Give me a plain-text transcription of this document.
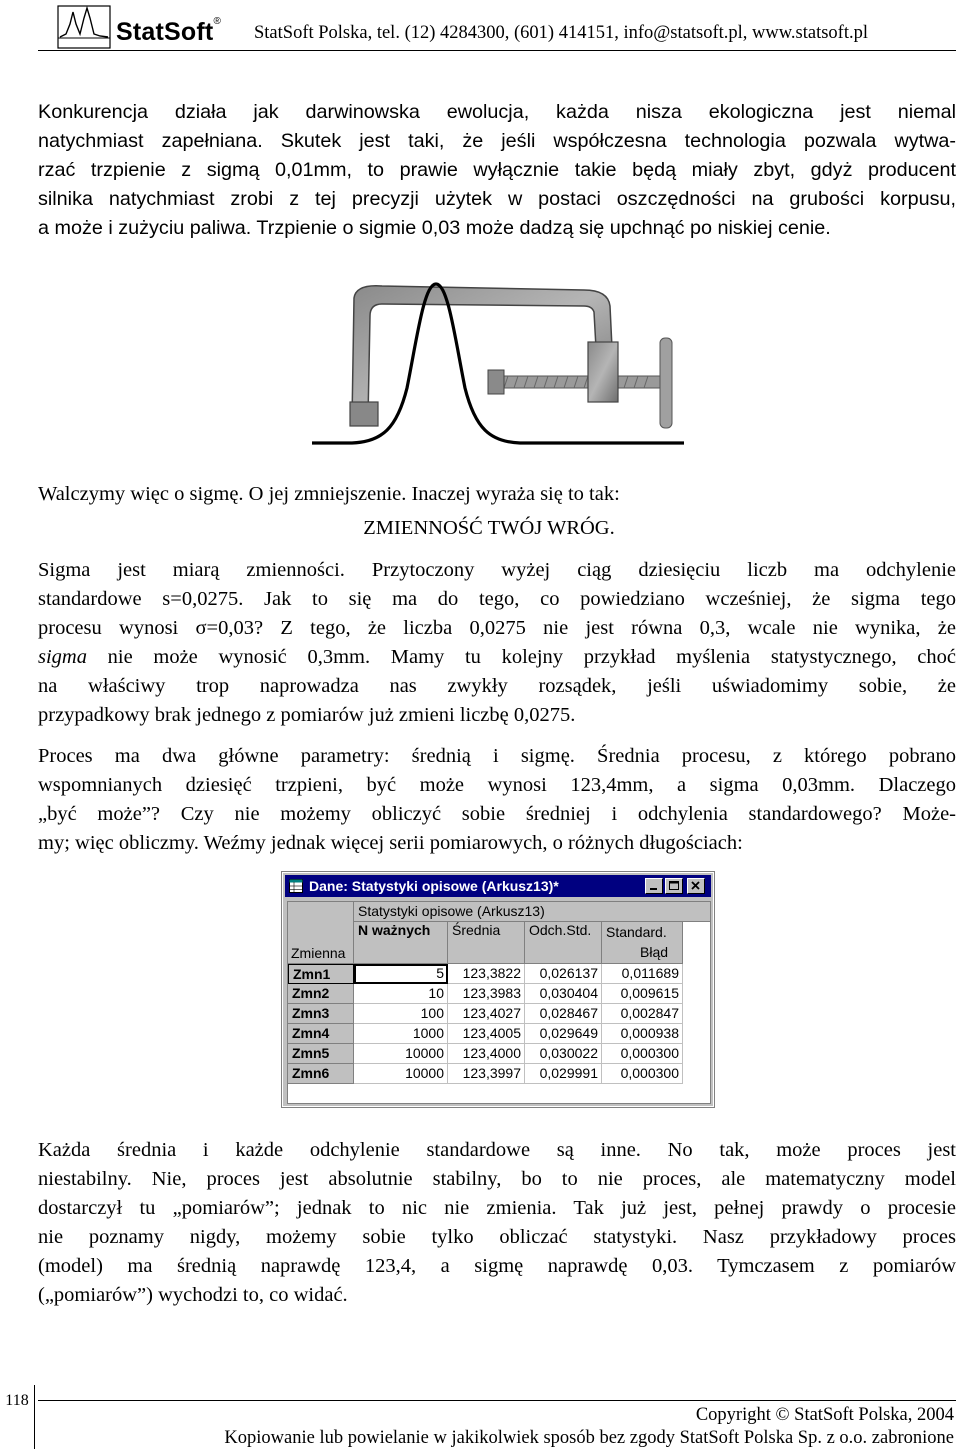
StatSoft®
StatSoft Polska, tel. (12) 4284300, (601) 414151, info@statsoft.pl, www.statsoft.pl
Konkurencja działa jak darwinowska ewolucja, każda nisza ekologiczna jest niemal
natychmiast zapełniana. Skutek jest taki, że jeśli współczesna technologia pozwala wytwa-
rzać trzpienie z sigmą 0,01mm, to prawie wyłącznie takie będą miały zbyt, gdyż producent
silnika natychmiast zrobi z tej precyzji użytek w postaci oszczędności na grubości korpusu,
a może i zużyciu paliwa. Trzpienie o sigmie 0,03 może dadzą się upchnąć po niskiej cenie.
Walczymy więc o sigmę. O jej zmniejszenie. Inaczej wyraża się to tak:
ZMIENNOŚĆ TWÓJ WRÓG.
Sigma jest miarą zmienności. Przytoczony wyżej ciąg dziesięciu liczb ma odchylenie
standardowe s=0,0275. Jak to się ma do tego, co powiedziano wcześniej, że sigma tego
procesu wynosi σ=0,03? Z tego, że liczba 0,0275 nie jest równa 0,3, wcale nie wynika, że
sigma nie może wynosić 0,3mm. Mamy tu kolejny przykład myślenia statystycznego, choć
na właściwy trop naprowadza nas zwykły rozsądek, jeśli uświadomimy sobie, że
przypadkowy brak jednego z pomiarów już zmieni liczbę 0,0275.
Proces ma dwa główne parametry: średnią i sigmę. Średnia procesu, z którego pobrano
wspomnianych dziesięć trzpieni, być może wynosi 123,4mm, a sigma 0,03mm. Dlaczego
„być może”? Czy nie możemy obliczyć sobie średniej i odchylenia standardowego? Może-
my; więc obliczmy. Weźmy jednak więcej serii pomiarowych, o różnych długościach:
Dane: Statystyki opisowe (Arkusz13)*
Zmienna
Statystyki opisowe (Arkusz13)
N ważnych	Średnia	Odch.Std.	Standard.
Błąd
Zmn1	5	123,3822	0,026137	0,011689
Zmn2	10	123,3983	0,030404	0,009615
Zmn3	100	123,4027	0,028467	0,002847
Zmn4	1000	123,4005	0,029649	0,000938
Zmn5	10000	123,4000	0,030022	0,000300
Zmn6	10000	123,3997	0,029991	0,000300
Każda średnia i każde odchylenie standardowe są inne. No tak, może proces jest
niestabilny. Nie, proces jest absolutnie stabilny, bo to nie proces, ale matematyczny model
dostarczył tu „pomiarów”; jednak to nic nie zmienia. Tak już jest, pełnej prawdy o procesie
nie poznamy nigdy, możemy sobie tylko obliczać statystyki. Nasz przykładowy proces
(model) ma średnią naprawdę 123,4, a sigmę naprawdę 0,03. Tymczasem z pomiarów
(„pomiarów”) wychodzi to, co widać.
118
Copyright © StatSoft Polska, 2004
Kopiowanie lub powielanie w jakikolwiek sposób bez zgody StatSoft Polska Sp. z o.o. zabronione
